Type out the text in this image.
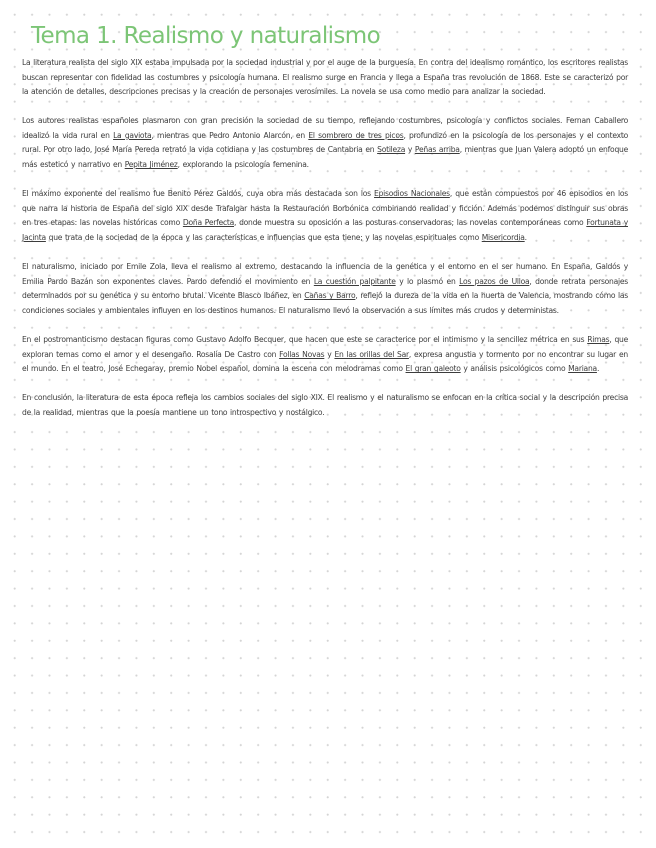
Tema 1. Realismo y naturalismo

La literatura realista del siglo XIX estaba impulsada por la sociedad industrial y por el auge de la burguesía. En contra del idealismo romántico, los escritores realistas buscan representar con fidelidad las costumbres y psicología humana. El realismo surge en Francia y llega a España tras revolución de 1868. Este se caracterizó por la atención de detalles, descripciones precisas y la creación de personajes verosímiles. La novela se usa como medio para analizar la sociedad.

Los autores realistas españoles plasmaron con gran precisión la sociedad de su tiempo, reflejando costumbres, psicología y conflictos sociales. Fernan Caballero idealizó la vida rural en La gaviota, mientras que Pedro Antonio Alarcón, en El sombrero de tres picos, profundizó en la psicología de los personajes y el contexto rural. Por otro lado, José María Pereda retrató la vida cotidiana y las costumbres de Cantabria en Sotileza y Peñas arriba, mientras que Juan Valera adoptó un enfoque más esteticó y narrativo en Pepita Jiménez, explorando la psicología femenina.

El máximo exponente del realismo fue Benito Pérez Galdós, cuya obra más destacada son los Episodios Nacionales, que están compuestos por 46 episodios en los que narra la historia de España del siglo XIX desde Trafalgar hasta la Restauración Borbónica combinando realidad y ficción. Además podemos distinguir sus obras en tres etapas: las novelas históricas como Doña Perfecta, donde muestra su oposición a las posturas conservadoras; las novelas contemporáneas como Fortunata y Jacinta que trata de la sociedad de la época y las características e influencias que esta tiene; y las novelas espirituales como Misericordia.

El naturalismo, iniciado por Emile Zola, lleva el realismo al extremo, destacando la influencia de la genética y el entorno en el ser humano. En España, Galdós y Emilia Pardo Bazán son exponentes claves. Pardo defendió el movimiento en La cuestión palpitante y lo plasmó en Los pazos de Ulloa, donde retrata personajes determinados por su genética y su entorno brutal. Vicente Blasco Ibáñez, en Cañas y Barro, reflejó la dureza de la vida en la huerta de Valencia, mostrando cómo las condiciones sociales y ambientales influyen en los destinos humanos. El naturalismo llevó la observación a sus límites más crudos y deterministas.

En el postromanticismo destacan figuras como Gustavo Adolfo Becquer, que hacen que este se caracterice por el intimismo y la sencillez métrica en sus Rimas, que exploran temas como el amor y el desengaño. Rosalía De Castro con Follas Novas y En las orillas del Sar, expresa angustia y tormento por no encontrar su lugar en el mundo. En el teatro, José Echegaray, premio Nobel español, domina la escena con melodramas como El gran galeoto y análisis psicológicos como Mariana.

En conclusión, la literatura de esta época refleja los cambios sociales del siglo XIX. El realismo y el naturalismo se enfocan en la crítica social y la descripción precisa de la realidad, mientras que la poesía mantiene un tono introspectivo y nostálgico.
